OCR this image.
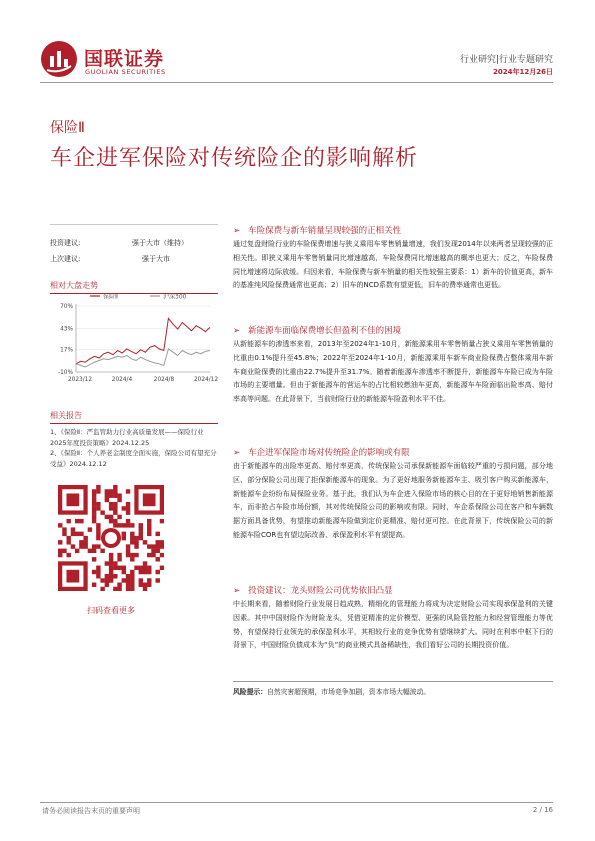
国联证券
GUOLIAN SECURITIES
行业研究|行业专题研究
2024年12月26日
保险Ⅱ
车企进军保险对传统险企的影响解析
投资建议:	强于大市（维持）
上次建议:	强于大市
相对大盘走势
保险Ⅱ	沪深300
70%
43%
17%
-10%
2023/12	2024/4	2024/8	2024/12
相关报告
1、《保险Ⅱ：严监管助力行业高质量发展——保险行业2025年度投资策略》2024.12.25
2、《保险Ⅱ：个人养老金制度全面实施，保险公司有望充分受益》2024.12.12
扫码查看更多
➢ 车险保费与新车销量呈现较强的正相关性
通过复盘财险行业的车险保费增速与狭义乘用车零售销量增速，我们发现2014年以来两者呈现较强的正相关性。即狭义乘用车零售销量同比增速越高，车险保费同比增速越高的概率也更大；反之，车险保费同比增速将边际放缓。归因来看，车险保费与新车销量的相关性较强主要系：1）新车的价值更高，新车的基准纯风险保费通常也更高；2）旧车的NCD系数有望更低，旧车的费率通常也更低。
➢ 新能源车面临保费增长但盈利不佳的困境
从新能源车的渗透率来看，2013年至2024年1-10月，新能源乘用车零售销量占狭义乘用车零售销量的比重由0.1%提升至45.8%；2022年至2024年1-10月，新能源乘用车新车商业险保费占整体乘用车新车商业险保费的比重由22.7%提升至31.7%。随着新能源车渗透率不断提升，新能源车车险已成为车险市场的主要增量。但由于新能源车的营运车的占比相较燃油车更高，新能源车车险面临出险率高、赔付率高等问题。在此背景下，当前财险行业的新能源车险盈利水平不佳。
➢ 车企进军保险市场对传统险企的影响或有限
由于新能源车的出险率更高、赔付率更高，传统保险公司承保新能源车面临较严重的亏损问题，部分地区、部分保险公司出现了拒保新能源车的现象。为了更好地服务新能源车主、吸引客户购买新能源车，新能源车企纷纷布局保险业务。基于此，我们认为车企进入保险市场的核心目的在于更好地销售新能源车，而非抢占车险市场份额，其对传统保险公司的影响或有限。同时，车企系保险公司在客户和车辆数据方面具备优势，有望推动新能源车险做到定价更精准、赔付更可控。在此背景下，传统保险公司的新能源车险COR也有望边际改善、承保盈利水平有望提高。
➢ 投资建议：龙头财险公司优势依旧凸显
中长期来看，随着财险行业发展日趋成熟，精细化的管理能力将成为决定财险公司实现承保盈利的关键因素。其中中国财险作为财险龙头，凭借更精准的定价模型、更强的风险管控能力和经营管理能力等优势，有望保持行业领先的承保盈利水平，其相较行业的竞争优势有望继续扩大。同时在利率中枢下行的背景下，中国财险负债成本为“负”的商业模式具备稀缺性，我们看好公司的长期投资价值。
风险提示：自然灾害超预期，市场竞争加剧，资本市场大幅波动。
请务必阅读报告末页的重要声明	2 / 16
